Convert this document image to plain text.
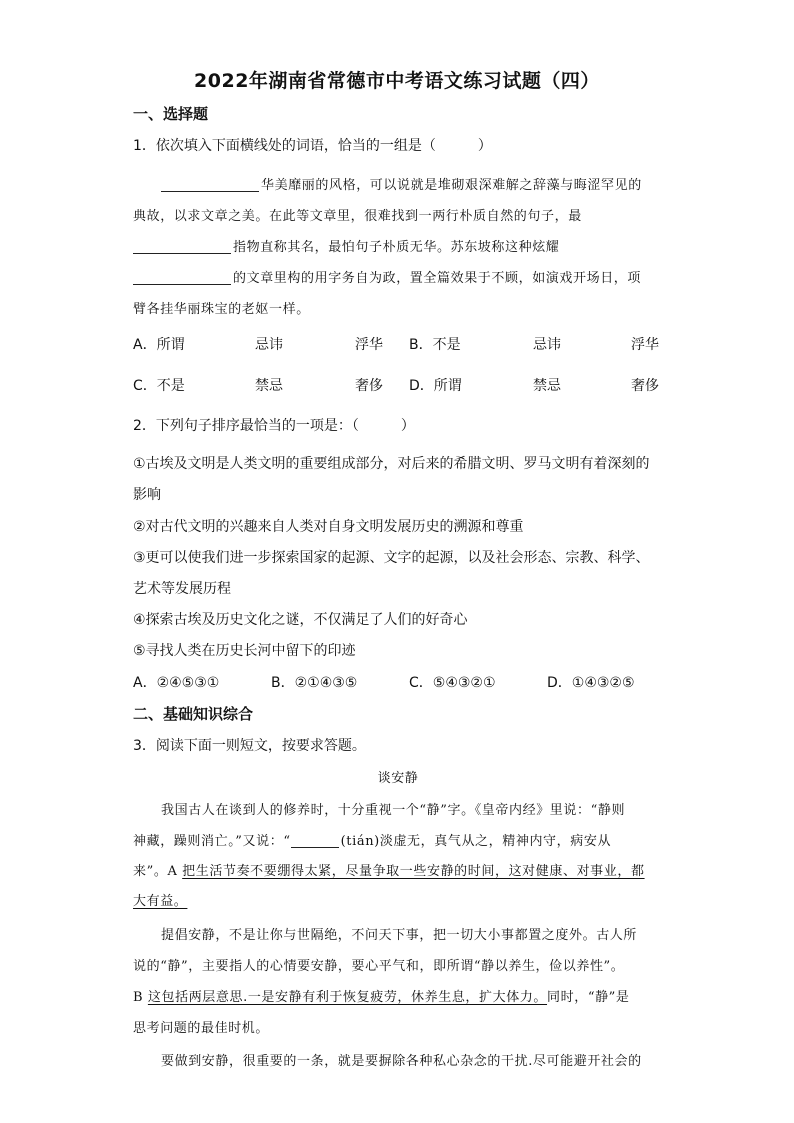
2022年湖南省常德市中考语文练习试题（四）
一、选择题
1．依次填入下面横线处的词语，恰当的一组是（　　　）
华美靡丽的风格，可以说就是堆砌艰深难解之辞藻与晦涩罕见的
典故，以求文章之美。在此等文章里，很难找到一两行朴质自然的句子，最
指物直称其名，最怕句子朴质无华。苏东坡称这种炫耀
的文章里构的用字务自为政，置全篇效果于不顾，如演戏开场日，项
臂各挂华丽珠宝的老妪一样。
A．所谓	忌讳	浮华 B．不是	忌讳	浮华
C．不是	禁忌	奢侈 D．所谓	禁忌	奢侈
2．下列句子排序最恰当的一项是：（　　　）
①古埃及文明是人类文明的重要组成部分，对后来的希腊文明、罗马文明有着深刻的
影响
②对古代文明的兴趣来自人类对自身文明发展历史的溯源和尊重
③更可以使我们进一步探索国家的起源、文字的起源，以及社会形态、宗教、科学、
艺术等发展历程
④探索古埃及历史文化之谜，不仅满足了人们的好奇心
⑤寻找人类在历史长河中留下的印迹
A．②④⑤③①	B．②①④③⑤	C．⑤④③②①	D．①④③②⑤
二、基础知识综合
3．阅读下面一则短文，按要求答题。
谈安静
我国古人在谈到人的修养时，十分重视一个“静”字。《皇帝内经》里说：“静则
神藏，躁则消亡。”又说：“	(tián)淡虚无，真气从之，精神内守，病安从
来”。A 把生活节奏不要绷得太紧，尽量争取一些安静的时间，这对健康、对事业，都
大有益。
提倡安静，不是让你与世隔绝，不问天下事，把一切大小事都置之度外。古人所
说的“静”，主要指人的心情要安静，要心平气和，即所谓“静以养生，俭以养性”。
B 这包括两层意思.一是安静有利于恢复疲劳，休养生息，扩大体力。同时，“静”是
思考问题的最佳时机。
要做到安静，很重要的一条，就是要摒除各种私心杂念的干扰.尽可能避开社会的
